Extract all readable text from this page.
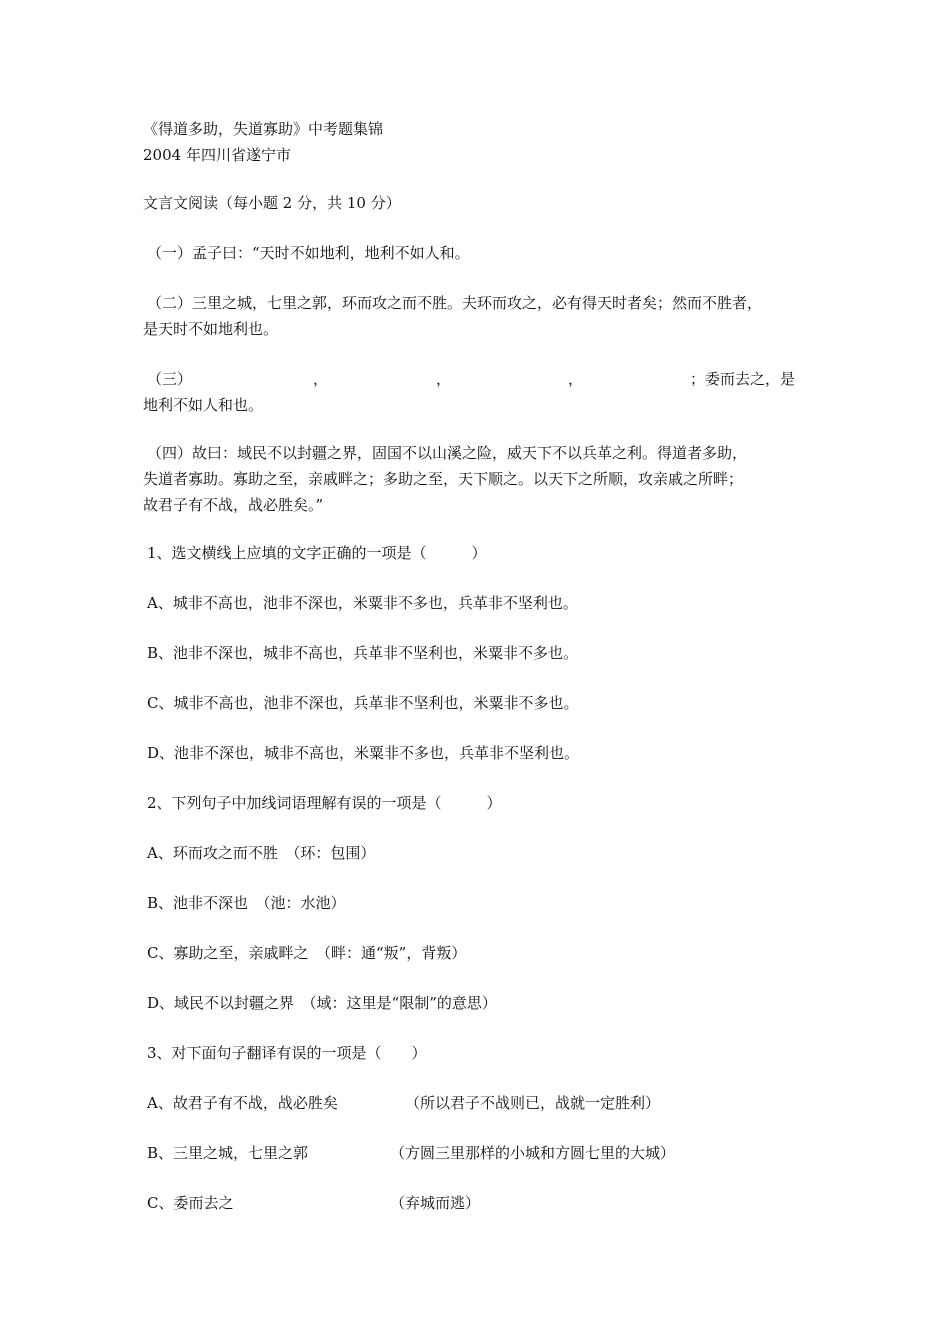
《得道多助，失道寡助》中考题集锦
2004 年四川省遂宁市
文言文阅读（每小题 2 分，共 10 分）
（一）孟子曰：“天时不如地利，地利不如人和。
（二）三里之城，七里之郭，环而攻之而不胜。夫环而攻之，必有得天时者矣；然而不胜者，
是天时不如地利也。
（三）	，	，	，	；委而去之，是
地利不如人和也。
（四）故曰：域民不以封疆之界，固国不以山溪之险，威天下不以兵革之利。得道者多助，
失道者寡助。寡助之至，亲戚畔之；多助之至，天下顺之。以天下之所顺，攻亲戚之所畔；
故君子有不战，战必胜矣。”
1、选文横线上应填的文字正确的一项是（　　　）
A、城非不高也，池非不深也，米粟非不多也，兵革非不坚利也。
B、池非不深也，城非不高也，兵革非不坚利也，米粟非不多也。
C、城非不高也，池非不深也，兵革非不坚利也，米粟非不多也。
D、池非不深也，城非不高也，米粟非不多也，兵革非不坚利也。
2、下列句子中加线词语理解有误的一项是（　　　）
A、环而攻之而不胜　（环：包围）
B、池非不深也　（池：水池）
C、寡助之至，亲戚畔之　（畔：通“叛”，背叛）
D、域民不以封疆之界　（域：这里是“限制”的意思）
3、对下面句子翻译有误的一项是（　　）
A、故君子有不战，战必胜矣	（所以君子不战则已，战就一定胜利）
B、三里之城，七里之郭	（方圆三里那样的小城和方圆七里的大城）
C、委而去之	（弃城而逃）
